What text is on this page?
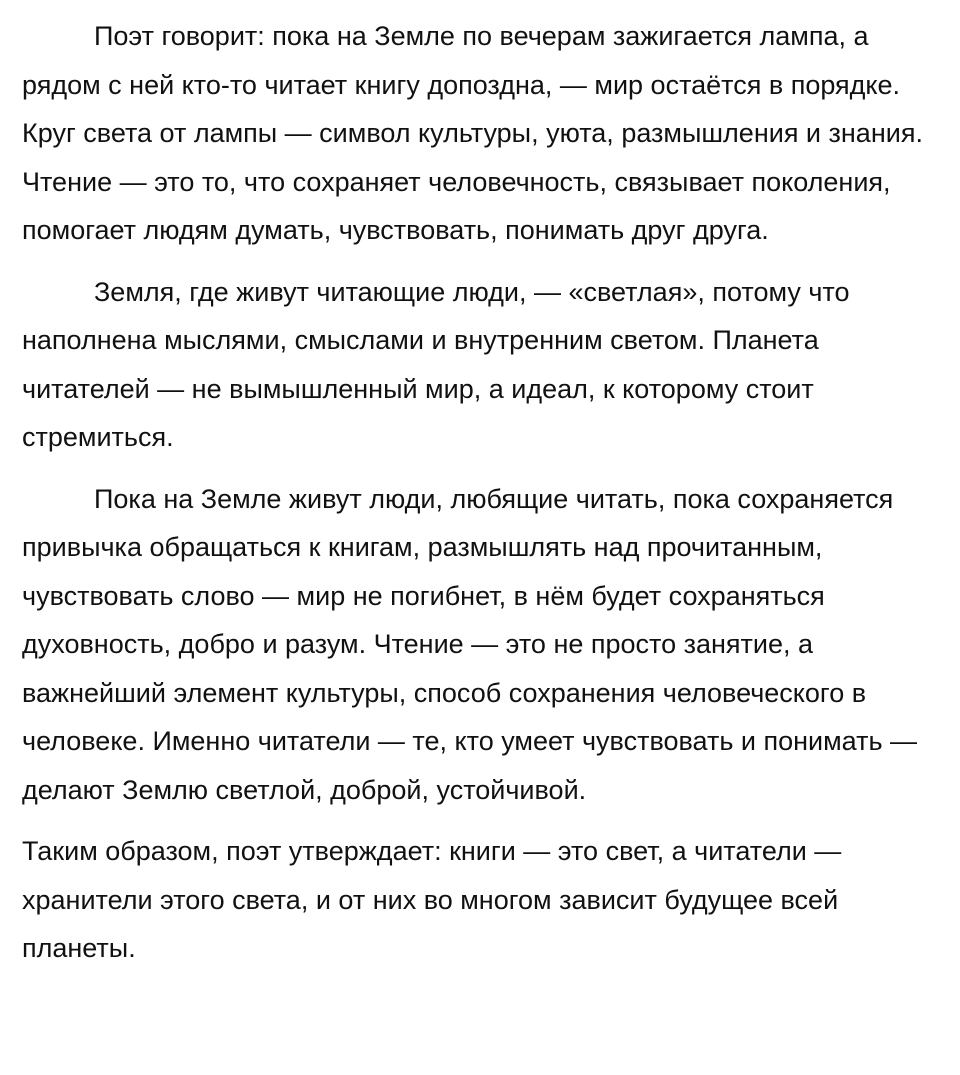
Поэт говорит: пока на Земле по вечерам зажигается лампа, а рядом с ней кто-то читает книгу допоздна, — мир остаётся в порядке. Круг света от лампы — символ культуры, уюта, размышления и знания. Чтение — это то, что сохраняет человечность, связывает поколения, помогает людям думать, чувствовать, понимать друг друга.

Земля, где живут читающие люди, — «светлая», потому что наполнена мыслями, смыслами и внутренним светом. Планета читателей — не вымышленный мир, а идеал, к которому стоит стремиться.

Пока на Земле живут люди, любящие читать, пока сохраняется привычка обращаться к книгам, размышлять над прочитанным, чувствовать слово — мир не погибнет, в нём будет сохраняться духовность, добро и разум. Чтение — это не просто занятие, а важнейший элемент культуры, способ сохранения человеческого в человеке. Именно читатели — те, кто умеет чувствовать и понимать — делают Землю светлой, доброй, устойчивой.

Таким образом, поэт утверждает: книги — это свет, а читатели — хранители этого света, и от них во многом зависит будущее всей планеты.
